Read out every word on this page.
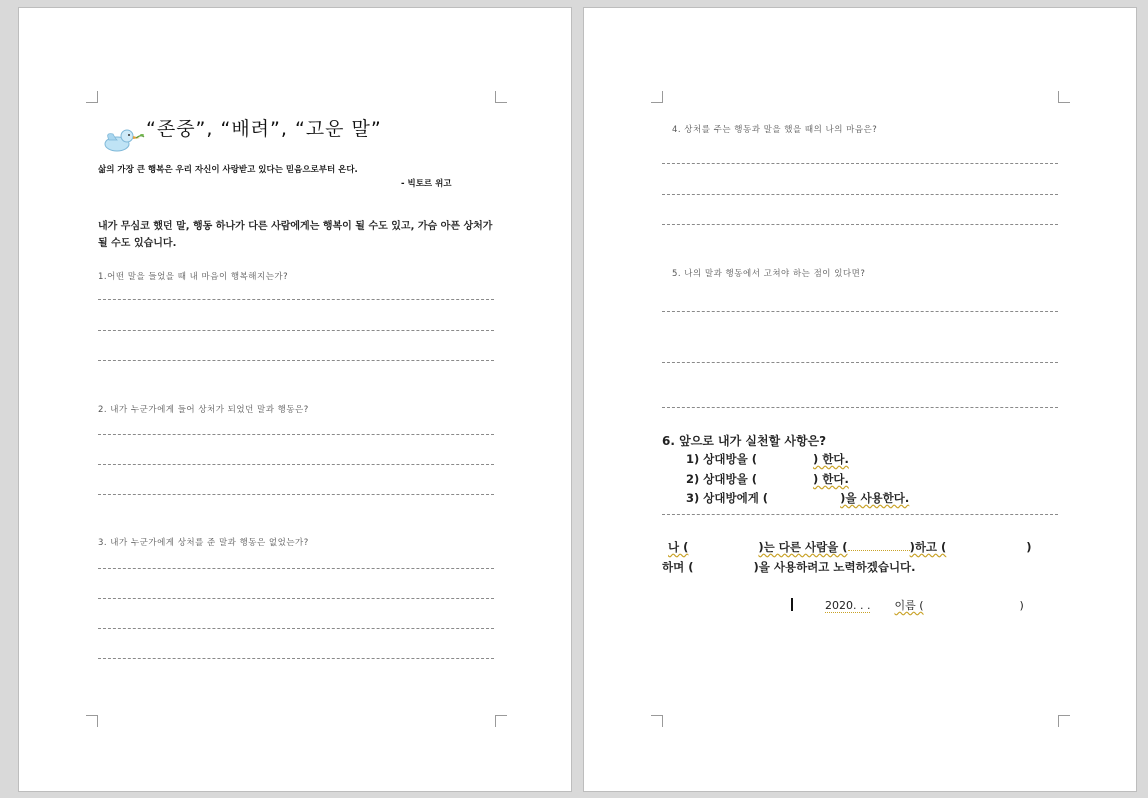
“존중”, “배려”, “고운 말”
삶의 가장 큰 행복은 우리 자신이 사랑받고 있다는 믿음으로부터 온다.
- 빅토르 위고
내가 무심코 했던 말, 행동 하나가 다른 사람에게는 행복이 될 수도 있고, 가슴 아픈 상처가 될 수도 있습니다.
1.어떤 말을 들었을 때 내 마음이 행복해지는가?
2. 내가 누군가에게 들어 상처가 되었던 말과 행동은?
3. 내가 누군가에게 상처를 준 말과 행동은 없었는가?
4. 상처를 주는 행동과 말을 했을 때의 나의 마음은?
5. 나의 말과 행동에서 고쳐야 하는 점이 있다면?
6. 앞으로 내가 실천할 사항은?
1) 상대방을 (	) 한다.
2) 상대방을 (	) 한다.
3) 상대방에게 (	)을 사용한다.
나 (	)는 다른 사람을 (	)하고 (	)
하며 (	)을 사용하려고 노력하겠습니다.
2020. . . 이름 (	)
